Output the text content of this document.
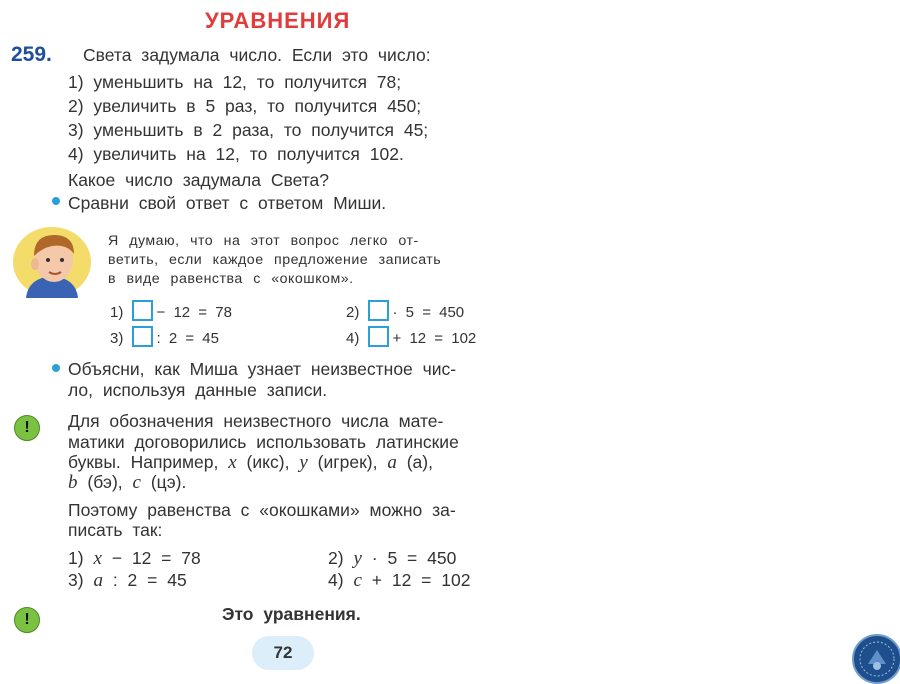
УРАВНЕНИЯ
259. Света задумала число. Если это число:
1) уменьшить на 12, то получится 78;
2) увеличить в 5 раз, то получится 450;
3) уменьшить в 2 раза, то получится 45;
4) увеличить на 12, то получится 102.
Какое число задумала Света?
Сравни свой ответ с ответом Миши.
Я думаю, что на этот вопрос легко от-
ветить, если каждое предложение записать
в виде равенства с «окошком».
1) − 12 = 78	2) · 5 = 450
3) : 2 = 45	4) + 12 = 102
Объясни, как Миша узнает неизвестное чис-
ло, используя данные записи.
!	Для обозначения неизвестного числа мате-
матики договорились использовать латинские
буквы. Например, x (икс), y (игрек), a (а),
b (бэ), c (цэ).
Поэтому равенства с «окошками» можно за-
писать так:
1) x − 12 = 78	2) y · 5 = 450
3) a : 2 = 45	4) c + 12 = 102
!	Это уравнения.
72
